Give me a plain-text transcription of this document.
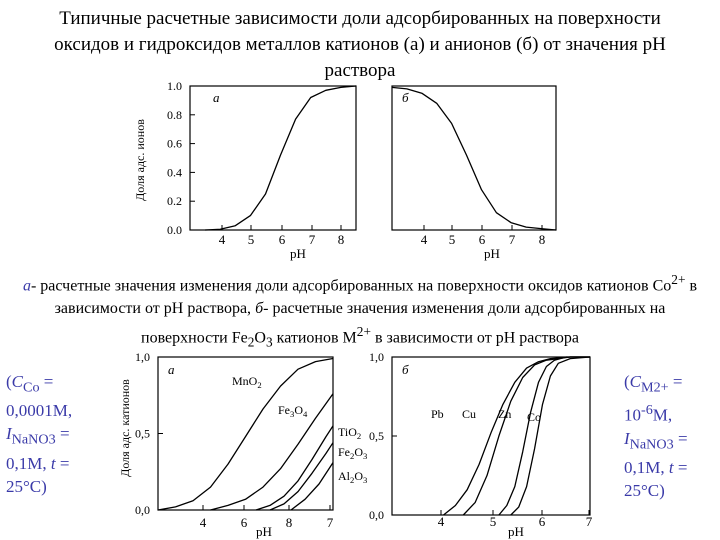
Типичные расчетные зависимости доли адсорбированных на поверхности
оксидов и гидроксидов металлов катионов (а) и анионов (б) от значения pH
раствора
а
4 5 6 7 8
pH
0.0
0.2
0.4
0.6
0.8
1.0
Доля адс. ионов
б
4 5 6 7 8
pH
а
4	6	8	7
pH
0,0
0,5
1,0
Доля адс. катионов	MnO$_2$
$Fe_3O_4$
TiO$_2$
$Fe_2O_3$
$Al_2O_3$
б
4	5	6	7
pH
0,0
0,5
1,0
Pb Cu Zn Co
а- расчетные значения изменения доли адсорбированных на поверхности оксидов катионов $Co^{2+}$ в зависимости от pH раствора, б- расчетные значения изменения доли адсорбированных на поверхности $Fe_2O_3$ катионов $M^{2+}$ в зависимости от pH раствора
($C_{Co} = 0,0001M$, $I_{NaNO3} = 0,1M$, t = 25°C)
($C_{M2+} = 10^{-6}M$, $I_{NaNO3} = 0,1M$, t = 25°C)
